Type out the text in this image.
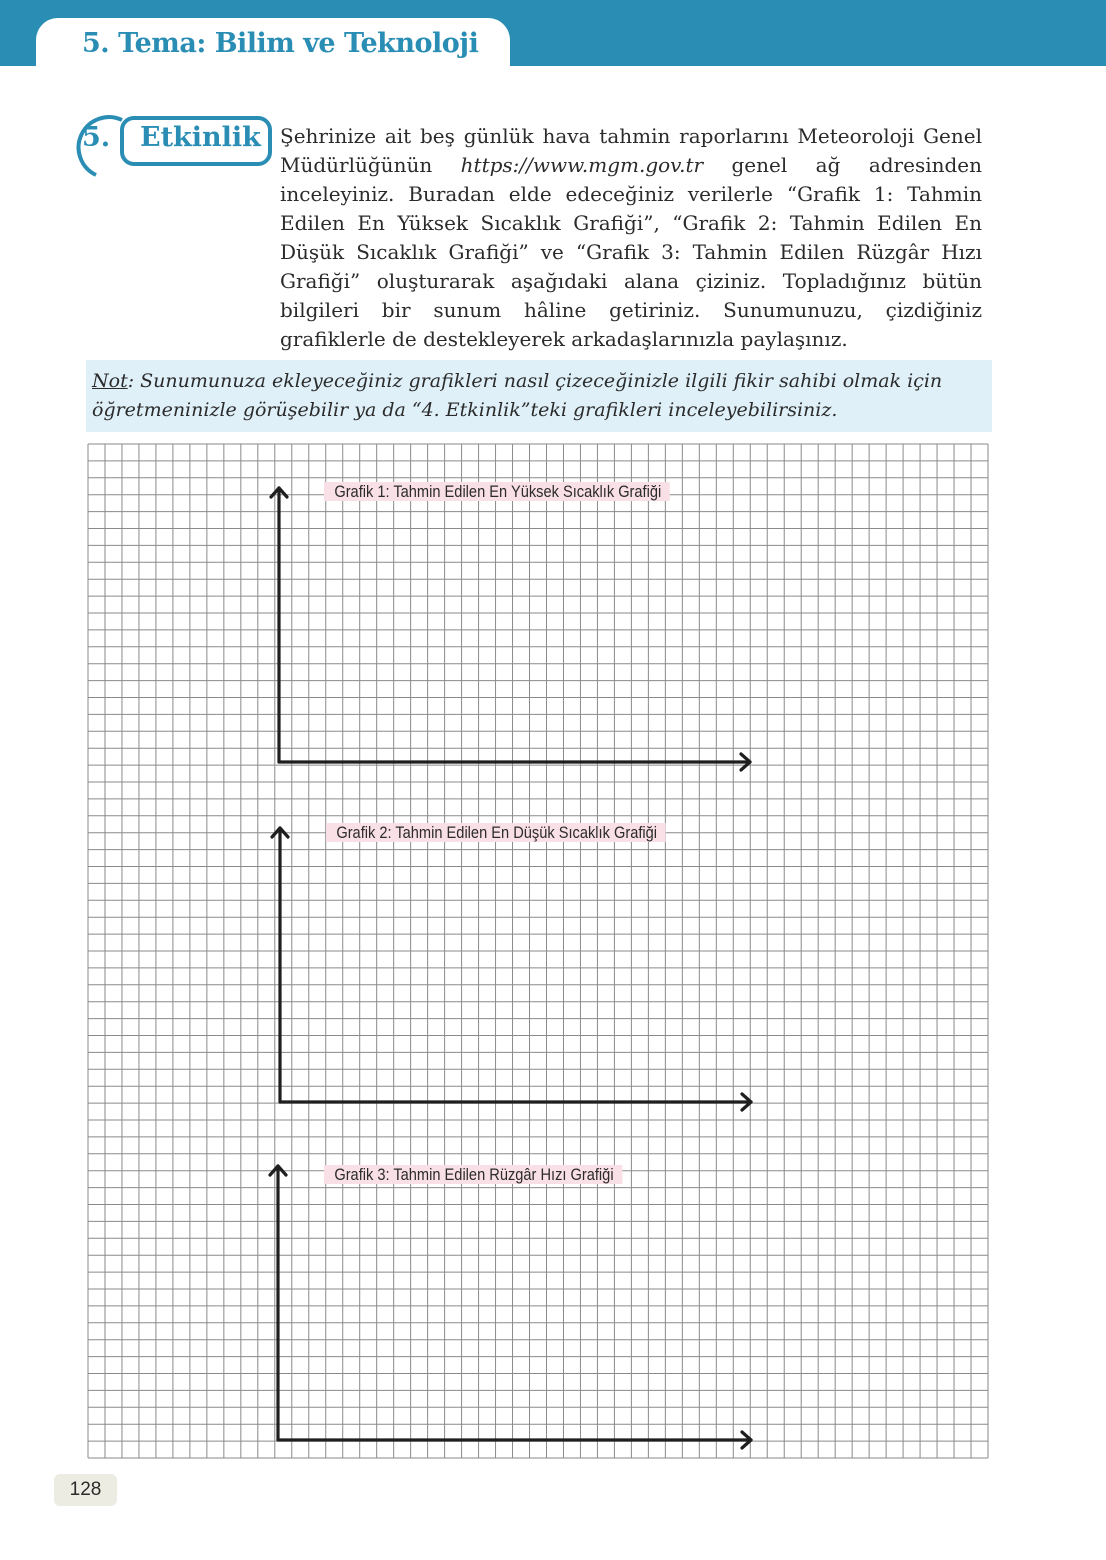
5. Tema: Bilim ve Teknoloji
5. Etkinlik Şehrinize ait beş günlük hava tahmin raporlarını Meteoroloji Genel Müdürlüğünün https://www.mgm.gov.tr genel ağ adresinden inceleyiniz. Buradan elde edeceğiniz verilerle “Grafik 1: Tahmin Edilen En Yüksek Sıcaklık Grafiği”, “Grafik 2: Tahmin Edilen En Düşük Sıcaklık Grafiği” ve “Grafik 3: Tahmin Edilen Rüzgâr Hızı Grafiği” oluşturarak aşağıdaki alana çiziniz. Topladığınız bütün bilgileri bir sunum hâline getiriniz. Sunumunuzu, çizdiğiniz grafiklerle de destekleyerek arkadaşlarınızla paylaşınız.
Not: Sunumunuza ekleyeceğiniz grafikleri nasıl çizeceğinizle ilgili fikir sahibi olmak için öğretmeninizle görüşebilir ya da “4. Etkinlik”teki grafikleri inceleyebilirsiniz.
Grafik 1: Tahmin Edilen En Yüksek Sıcaklık Grafiği
Grafik 2: Tahmin Edilen En Düşük Sıcaklık Grafiği
Grafik 3: Tahmin Edilen Rüzgâr Hızı Grafiği
128
